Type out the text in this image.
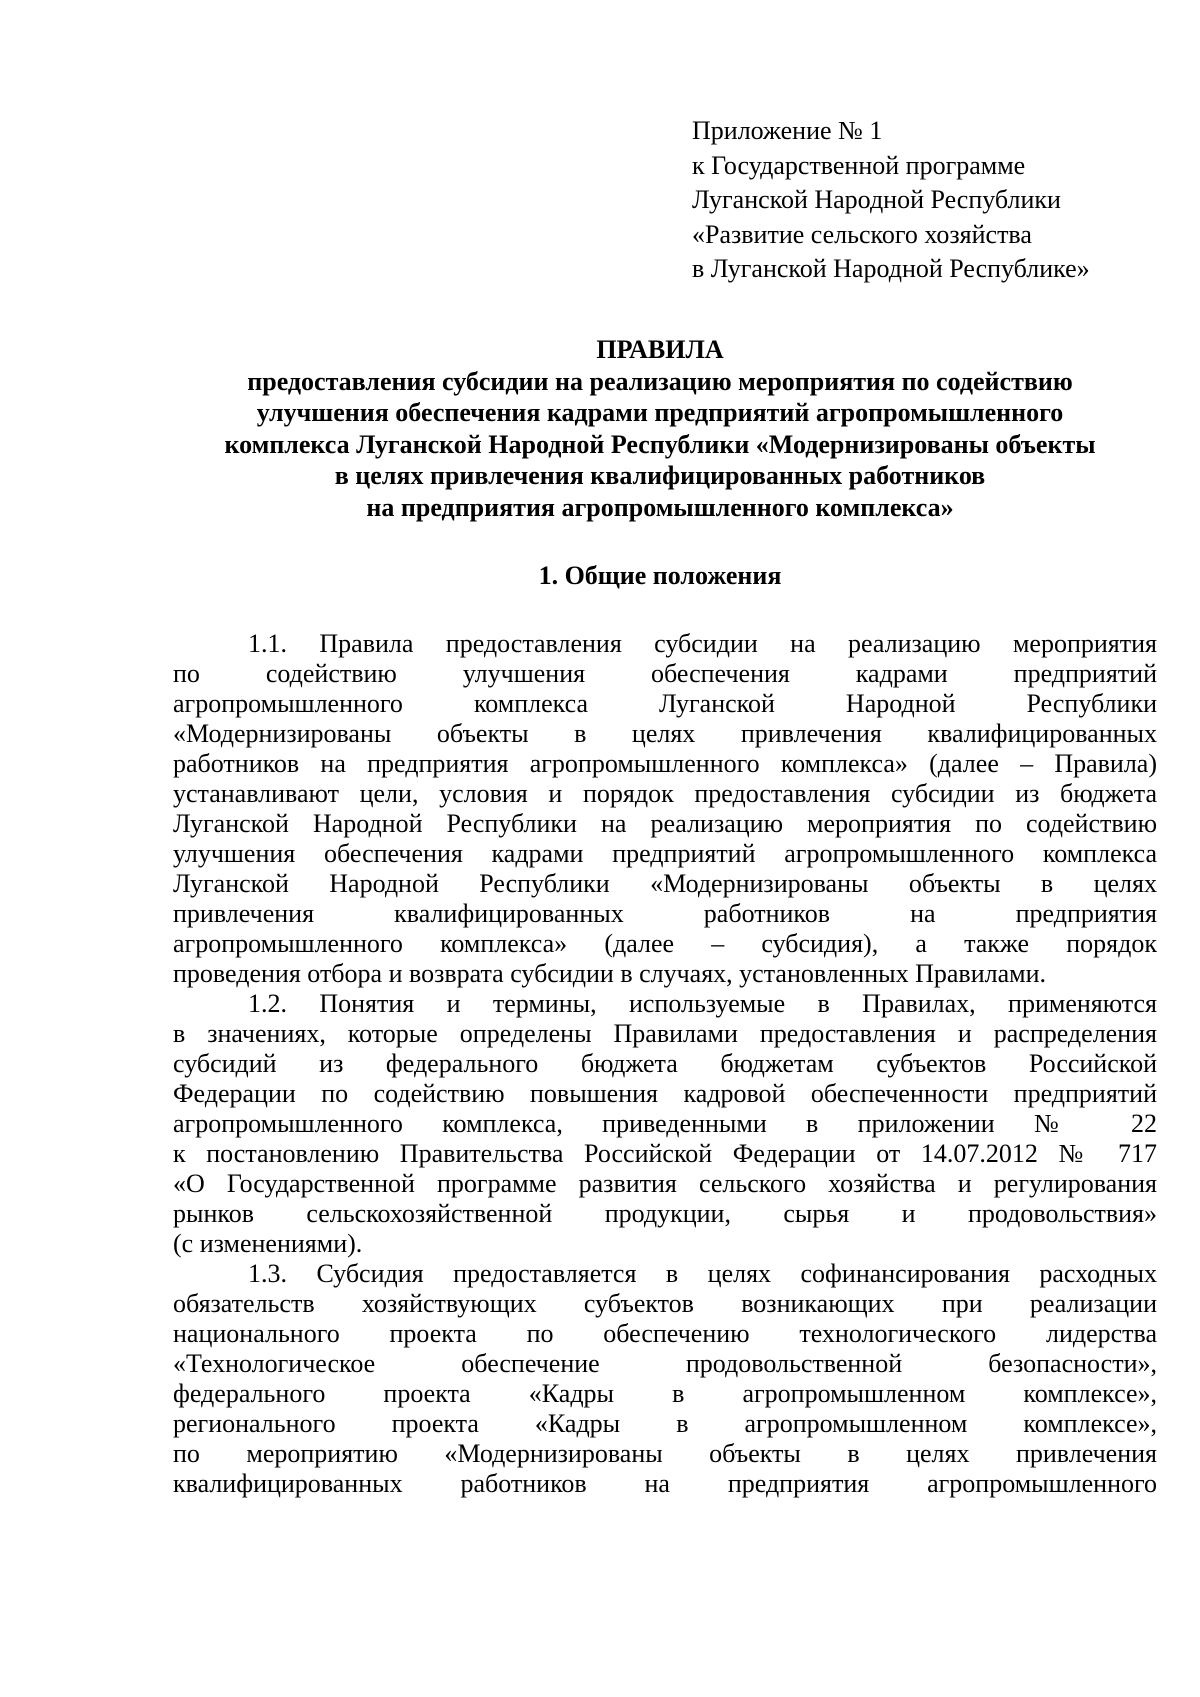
Приложение № 1
к Государственной программе
Луганской Народной Республики
«Развитие сельского хозяйства
в Луганской Народной Республике»
ПРАВИЛА
предоставления субсидии на реализацию мероприятия по содействию
улучшения обеспечения кадрами предприятий агропромышленного
комплекса Луганской Народной Республики «Модернизированы объекты
в целях привлечения квалифицированных работников
на предприятия агропромышленного комплекса»
1. Общие положения
1.1. Правила предоставления субсидии на реализацию мероприятия
по содействию улучшения обеспечения кадрами предприятий
агропромышленного комплекса Луганской Народной Республики
«Модернизированы объекты в целях привлечения квалифицированных
работников на предприятия агропромышленного комплекса» (далее – Правила)
устанавливают цели, условия и порядок предоставления субсидии из бюджета
Луганской Народной Республики на реализацию мероприятия по содействию
улучшения обеспечения кадрами предприятий агропромышленного комплекса
Луганской Народной Республики «Модернизированы объекты в целях
привлечения квалифицированных работников на предприятия
агропромышленного комплекса» (далее – субсидия), а также порядок
проведения отбора и возврата субсидии в случаях, установленных Правилами.
1.2. Понятия и термины, используемые в Правилах, применяются
в значениях, которые определены Правилами предоставления и распределения
субсидий из федерального бюджета бюджетам субъектов Российской
Федерации по содействию повышения кадровой обеспеченности предприятий
агропромышленного комплекса, приведенными в приложении № 22
к постановлению Правительства Российской Федерации от 14.07.2012 № 717
«О Государственной программе развития сельского хозяйства и регулирования
рынков сельскохозяйственной продукции, сырья и продовольствия»
(с изменениями).
1.3. Субсидия предоставляется в целях софинансирования расходных
обязательств хозяйствующих субъектов возникающих при реализации
национального проекта по обеспечению технологического лидерства
«Технологическое обеспечение продовольственной безопасности»,
федерального проекта «Кадры в агропромышленном комплексе»,
регионального проекта «Кадры в агропромышленном комплексе»,
по мероприятию «Модернизированы объекты в целях привлечения
квалифицированных работников на предприятия агропромышленного
